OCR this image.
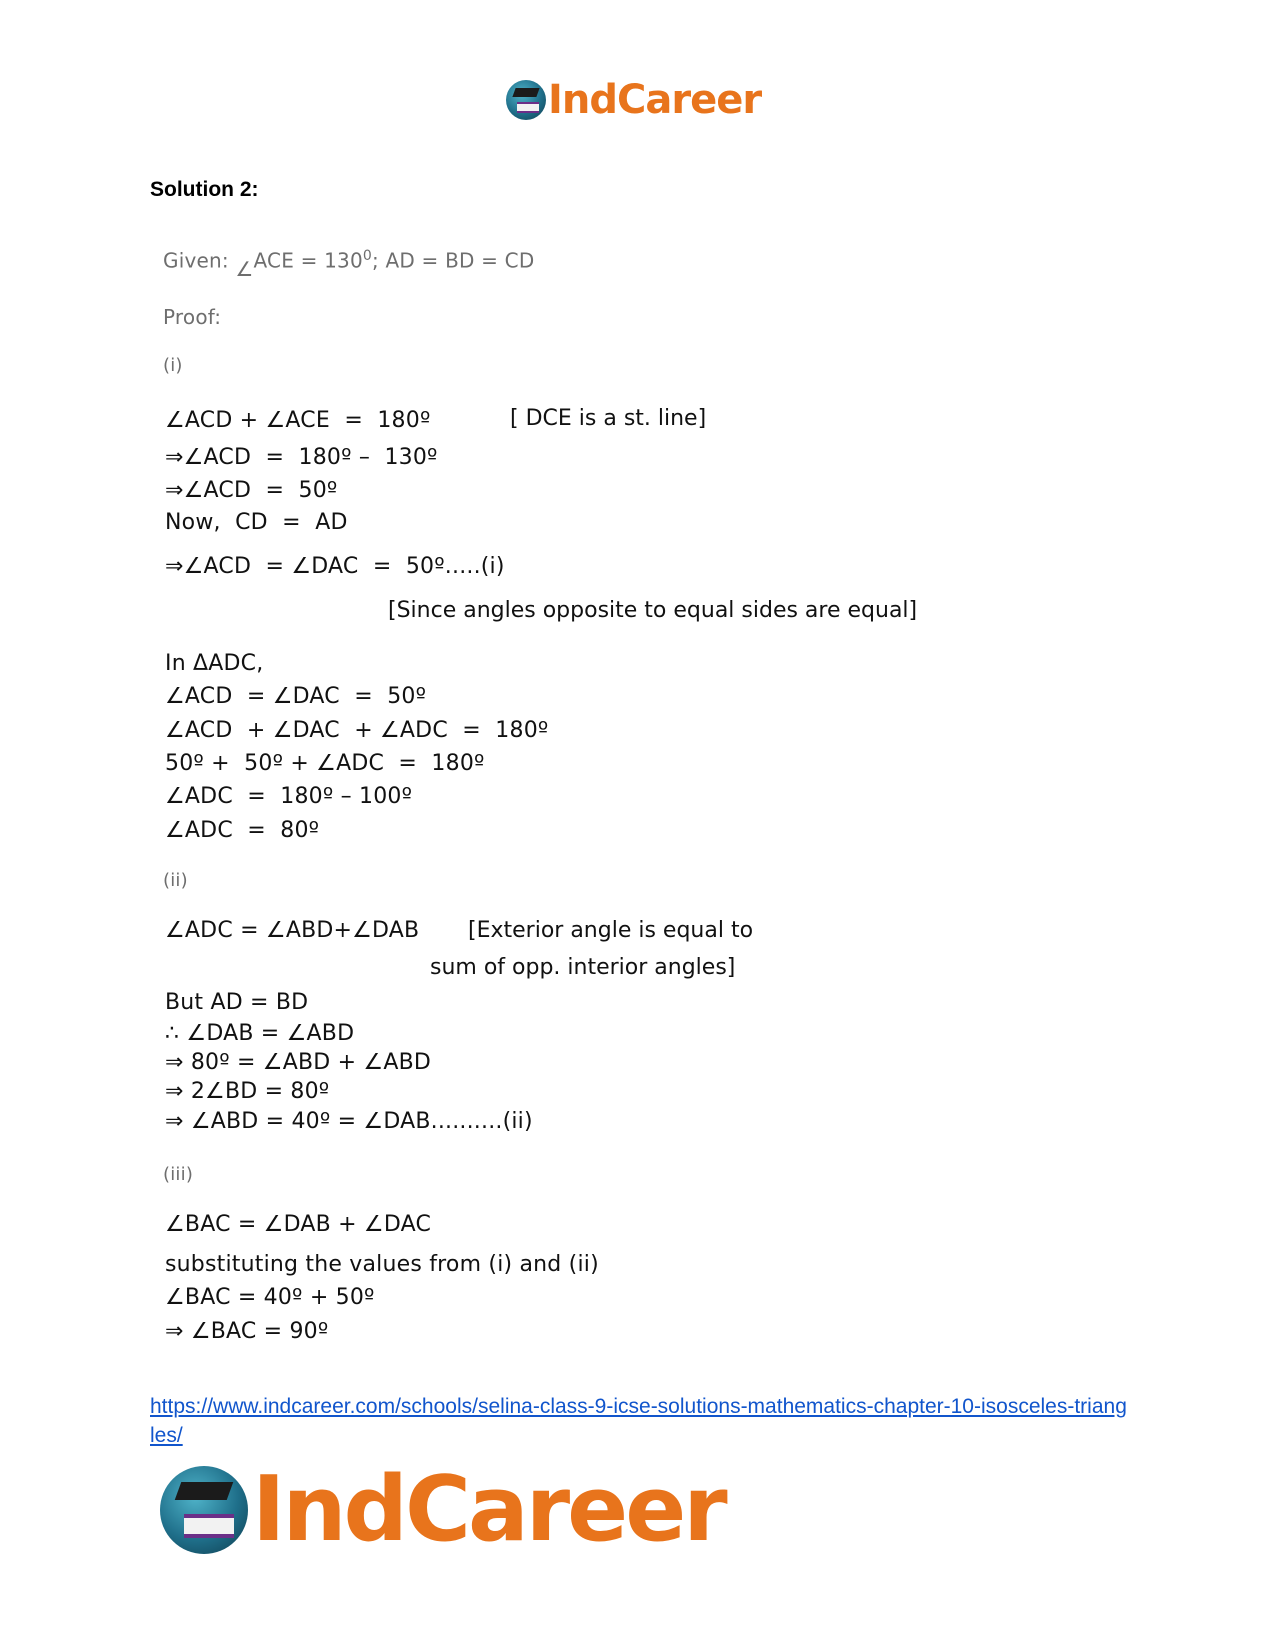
IndCareer
Solution 2:
Given: ∠ACE = $130^0$; AD = BD = CD
Proof:
(i)
∠ACD + ∠ACE  =  180º	[ DCE is a st. line]
⇒∠ACD  =  180º –  130º
⇒∠ACD  =  50º
Now,  CD  =  AD
⇒∠ACD  = ∠DAC  =  50º.....(i)
[Since angles opposite to equal sides are equal]
In ΔADC,
∠ACD  = ∠DAC  =  50º
∠ACD  + ∠DAC  + ∠ADC  =  180º
50º +  50º + ∠ADC  =  180º
∠ADC  =  180º – 100º
∠ADC  =  80º
(ii)
∠ADC = ∠ABD+∠DAB [Exterior angle is equal to
sum of opp. interior angles]
But AD = BD
∴ ∠DAB = ∠ABD
⇒ 80º = ∠ABD + ∠ABD
⇒ 2∠BD = 80º
⇒ ∠ABD = 40º = ∠DAB..........(ii)
(iii)
∠BAC = ∠DAB + ∠DAC
substituting the values from (i) and (ii)
∠BAC = 40º + 50º
⇒ ∠BAC = 90º
https://www.indcareer.com/schools/selina-class-9-icse-solutions-mathematics-chapter-10-isosceles-triangles/
IndCareer
